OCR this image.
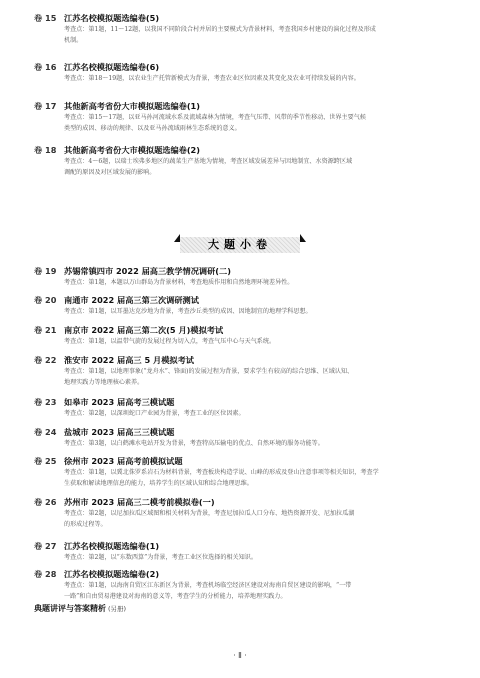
卷 15 江苏名校模拟题选编卷(5)
考查点：第1题，11～12题，以我国不同阶段合村并居的主要模式为背景材料，考查我国乡村建设的演化过程及形成
机制。
卷 16 江苏名校模拟题选编卷(6)
考查点：第18～19题，以农业生产托管新模式为背景，考查农业区位因素及其变化及农业可持续发展的内容。
卷 17 其他新高考省份大市模拟题选编卷(1)
考查点：第15～17题，以亚马孙河流域水系及流域森林为情境，考查气压带、风带的季节性移动、世界主要气候
类型的成因、移动的规律、以及亚马孙流域雨林生态系统的意义。
卷 18 其他新高考省份大市模拟题选编卷(2)
考查点：4～6题，以瑞士埃弗多地区的蔬菜生产基地为情境，考查区域发展差异与因地制宜、水资源跨区域
调配的原因及对区域发展的影响。
大题小卷
卷 19 苏锡常镇四市 2022 届高三教学情况调研(二)
考查点：第1题，本题以万山群岛为背景材料，考查地质作用和自然地理环境差异性。
卷 20 南通市 2022 届高三第三次调研测试
考查点：第1题，以耳墨达克沙地为背景，考查沙丘类型的成因、因地制宜的地理学科思想。
卷 21 南京市 2022 届高三第二次(5 月)模拟考试
考查点：第1题，以温带气旋的发展过程为切入点，考查气压中心与天气系统。
卷 22 淮安市 2022 届高三 5 月模拟考试
考查点：第1题，以地理事象(“龙舟水”、锋面)的发展过程为背景，要求学生有较高的综合思维、区域认知、
地理实践力等地理核心素养。
卷 23 如皋市 2023 届高考三模试题
考查点：第2题，以深圳蛇口产业园为背景，考查工业的区位因素。
卷 24 盐城市 2023 届高三三模试题
考查点：第3题，以白鹤滩水电站开发为背景，考查特高压输电的优点、自然环境的服务功能等。
卷 25 徐州市 2023 届高考前模拟试题
考查点：第1题，以冀北侏罗系岩石为材料背景，考查板块构造学说、山峰的形成及登山注意事项等相关知识，考查学
生获取和解读地理信息的能力，培养学生的区域认知和综合地理思维。
卷 26 苏州市 2023 届高三二模考前模拟卷(一)
考查点：第2题，以尼加拉瓜区域图和相关材料为背景，考查尼加拉瓜人口分布、地热资源开发、尼加拉瓜湖
的形成过程等。
卷 27 江苏名校模拟题选编卷(1)
考查点：第2题，以“东数西算”为背景，考查工业区位选择的相关知识。
卷 28 江苏名校模拟题选编卷(2)
考查点：第1题，以海南自贸区江东新区为背景，考查机场临空经济区建设对海南自贸区建设的影响，“一带
一路”和自由贸易港建设对海南的意义等，考查学生的分析能力，培养地理实践力。
典题讲评与答案精析 (另册)
· Ⅱ ·
